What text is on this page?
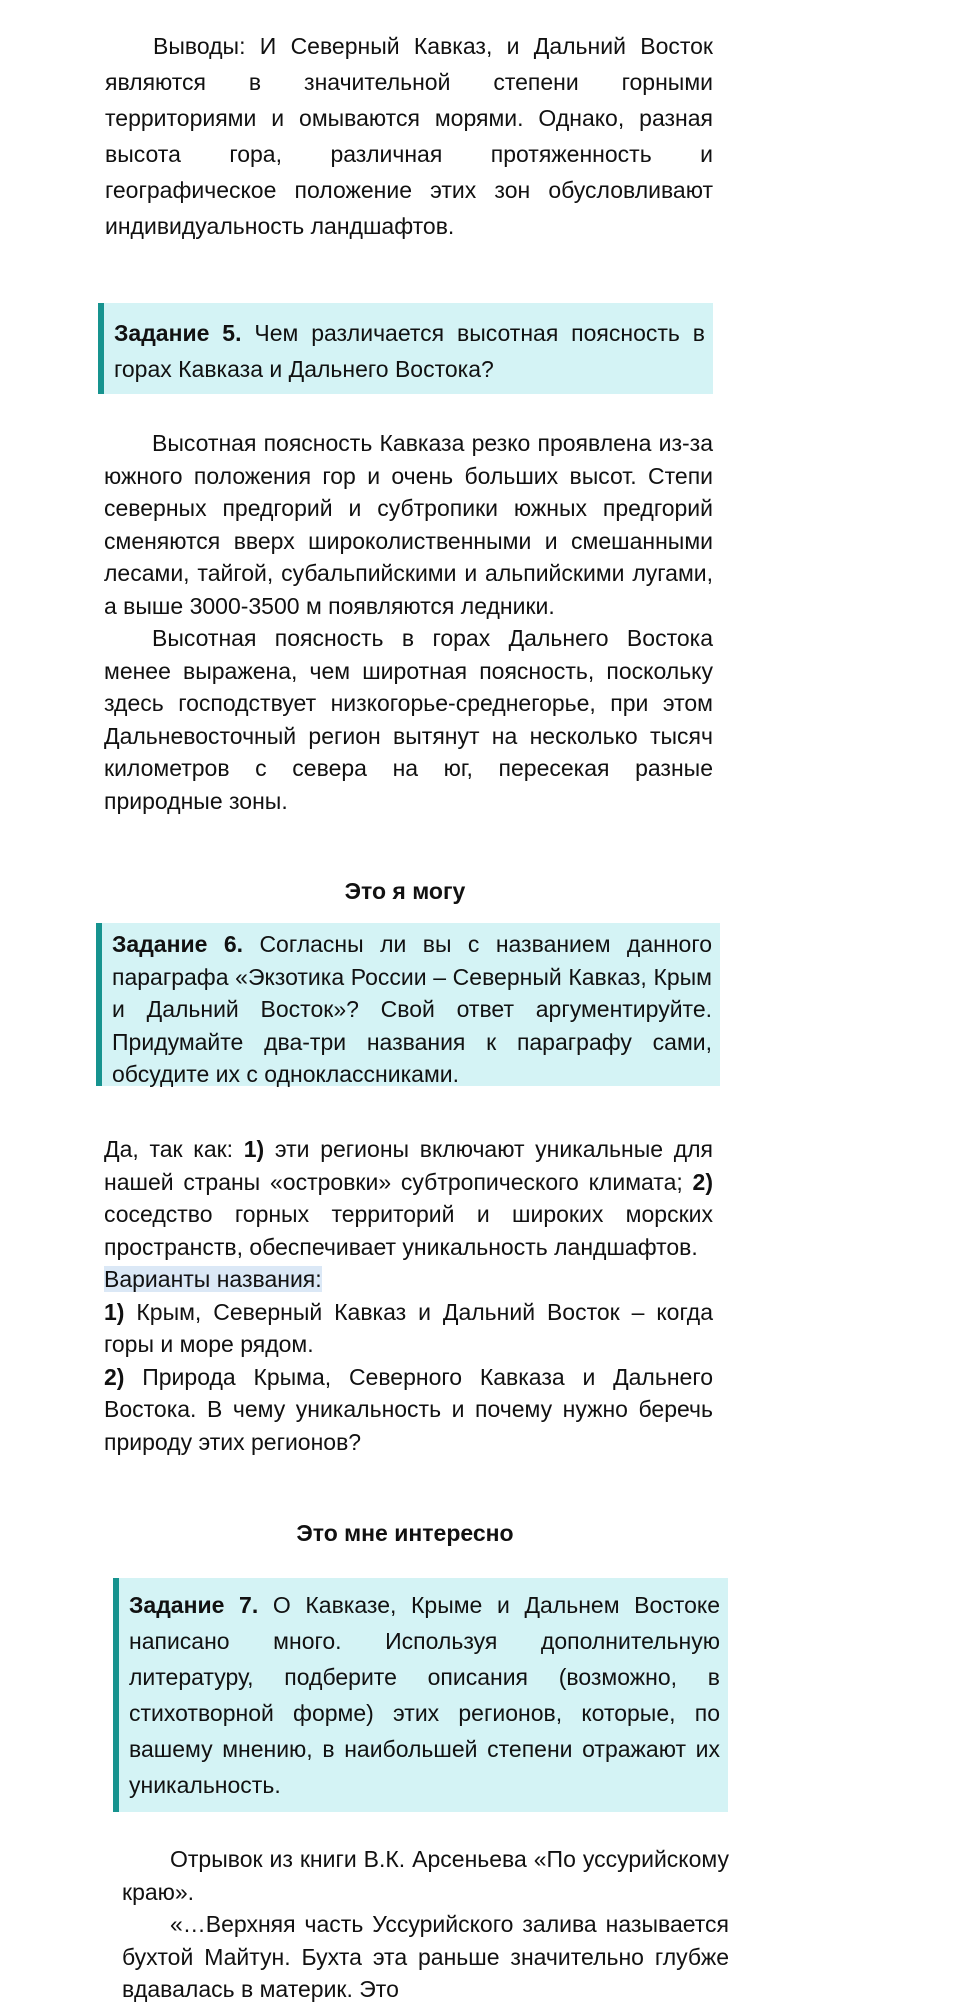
Выводы: И Северный Кавказ, и Дальний Восток являются в значительной степени горными территориями и омываются морями. Однако, разная высота гора, различная протяженность и географическое положение этих зон обусловливают индивидуальность ландшафтов.

Задание 5. Чем различается высотная поясность в горах Кавказа и Дальнего Востока?

Высотная поясность Кавказа резко проявлена из-за южного положения гор и очень больших высот. Степи северных предгорий и субтропики южных предгорий сменяются вверх широколиственными и смешанными лесами, тайгой, субальпийскими и альпийскими лугами, а выше 3000-3500 м появляются ледники.

Высотная поясность в горах Дальнего Востока менее выражена, чем широтная поясность, поскольку здесь господствует низкогорье-среднегорье, при этом Дальневосточный регион вытянут на несколько тысяч километров с севера на юг, пересекая разные природные зоны.

Это я могу
Задание 6. Согласны ли вы с названием данного параграфа «Экзотика России – Северный Кавказ, Крым и Дальний Восток»? Свой ответ аргументируйте. Придумайте два-три названия к параграфу сами, обсудите их с одноклассниками.

Да, так как: 1) эти регионы включают уникальные для нашей страны «островки» субтропического климата; 2) соседство горных территорий и широких морских пространств, обеспечивает уникальность ландшафтов.

Варианты названия:

1) Крым, Северный Кавказ и Дальний Восток – когда горы и море рядом.

2) Природа Крыма, Северного Кавказа и Дальнего Востока. В чему уникальность и почему нужно беречь природу этих регионов?

Это мне интересно
Задание 7. О Кавказе, Крыме и Дальнем Востоке написано много. Используя дополнительную литературу, подберите описания (возможно, в стихотворной форме) этих регионов, которые, по вашему мнению, в наибольшей степени отражают их уникальность.

Отрывок из книги В.К. Арсеньева «По уссурийскому краю».

«…Верхняя часть Уссурийского залива называется бухтой Майтун. Бухта эта раньше значительно глубже вдавалась в материк. Это
